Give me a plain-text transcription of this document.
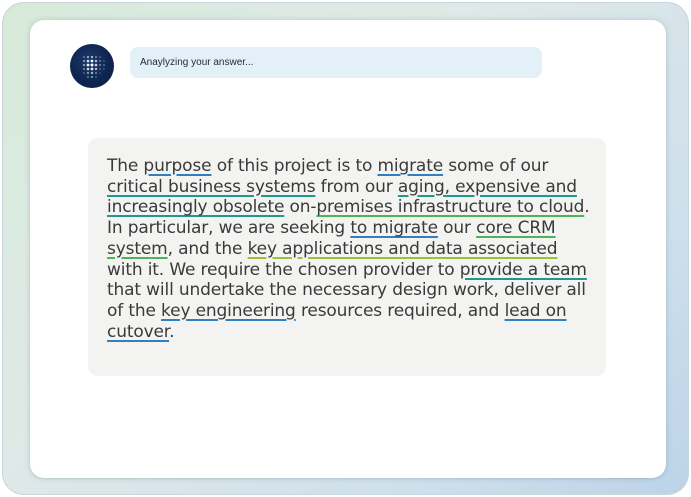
Anaylyzing your answer...

The purpose of this project is to migrate some of our critical business systems from our aging, expensive and increasingly obsolete on-premises infrastructure to cloud. In particular, we are seeking to migrate our core CRM system, and the key applications and data associated with it. We require the chosen provider to provide a team that will undertake the necessary design work, deliver all of the key engineering resources required, and lead on cutover.
